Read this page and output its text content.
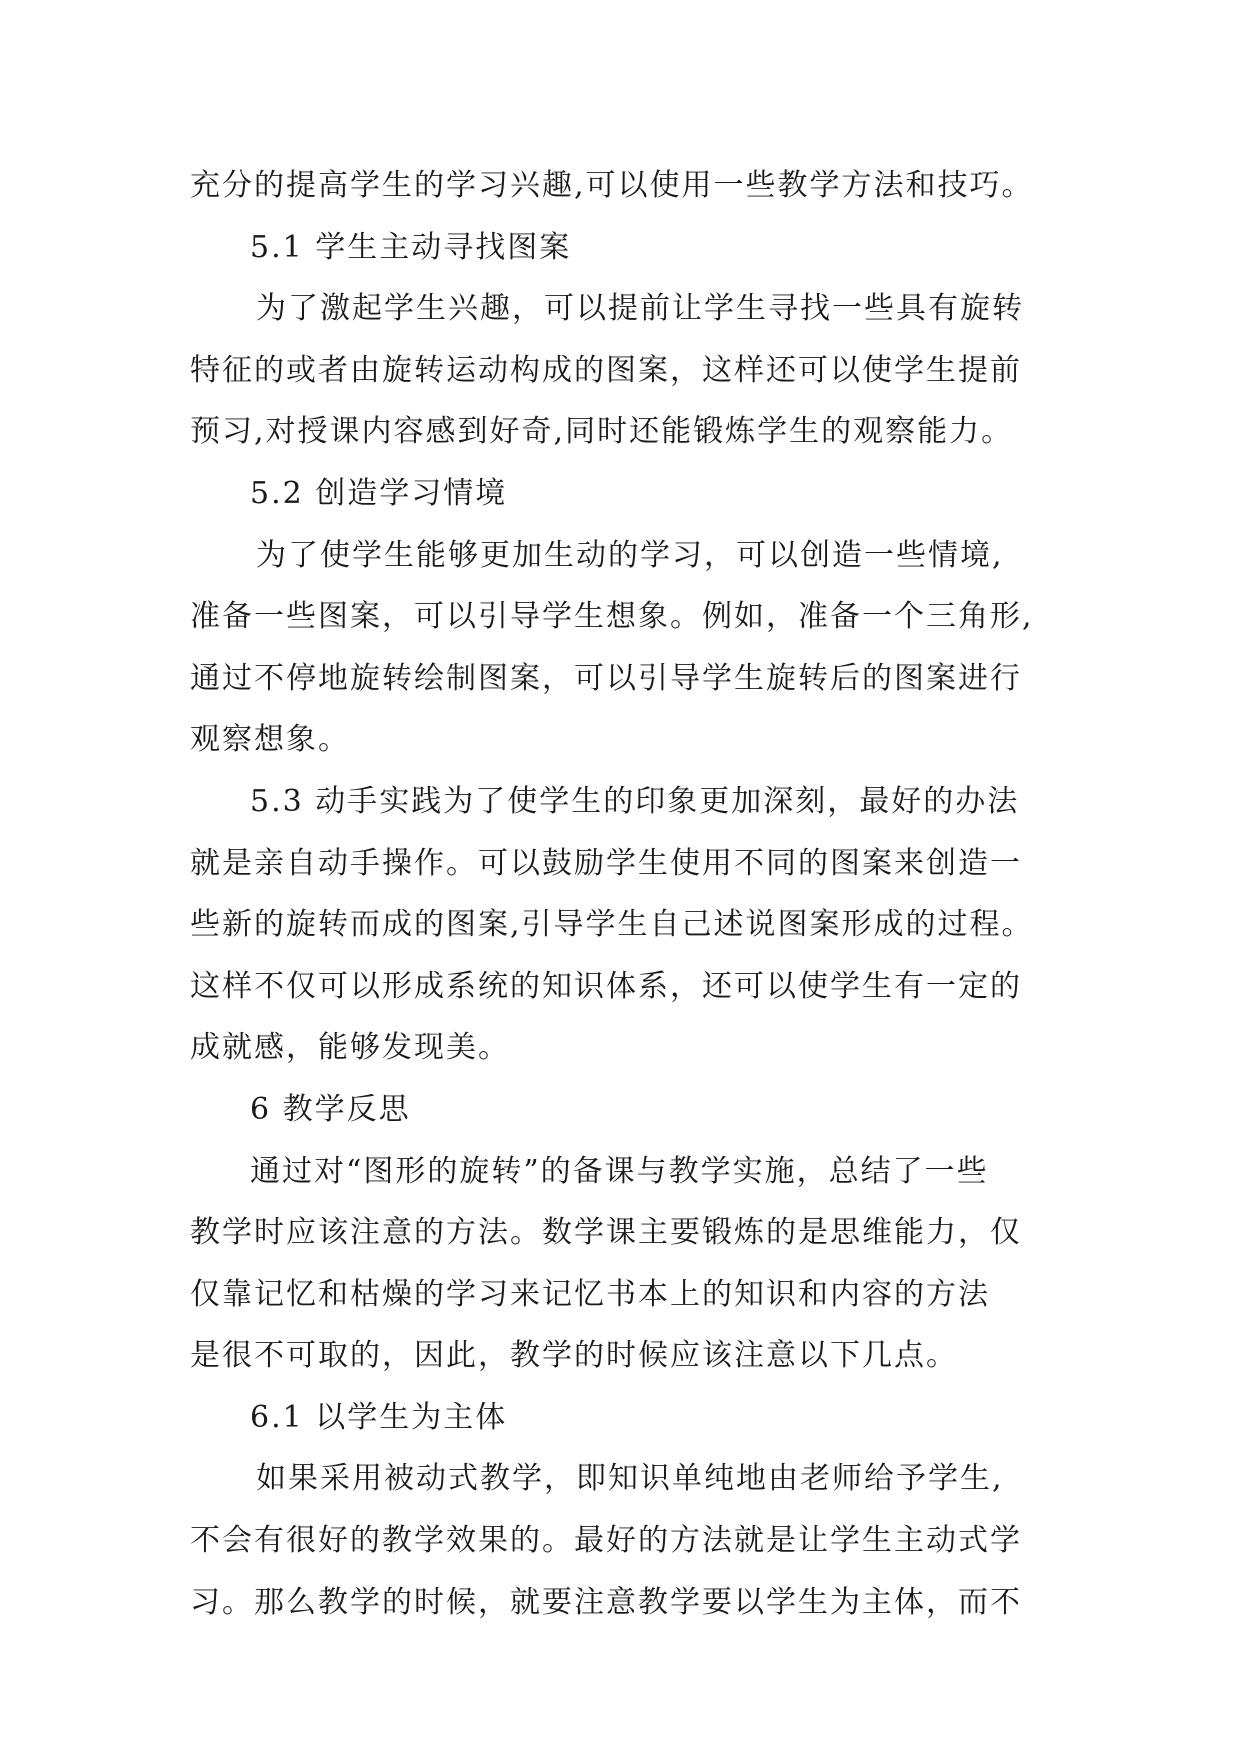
充分的提高学生的学习兴趣,可以使用一些教学方法和技巧。
5.1 学生主动寻找图案
为了激起学生兴趣，可以提前让学生寻找一些具有旋转
特征的或者由旋转运动构成的图案，这样还可以使学生提前
预习,对授课内容感到好奇,同时还能锻炼学生的观察能力。
5.2 创造学习情境
为了使学生能够更加生动的学习，可以创造一些情境,
准备一些图案，可以引导学生想象。例如，准备一个三角形,
通过不停地旋转绘制图案，可以引导学生旋转后的图案进行
观察想象。
5.3 动手实践为了使学生的印象更加深刻，最好的办法
就是亲自动手操作。可以鼓励学生使用不同的图案来创造一
些新的旋转而成的图案,引导学生自己述说图案形成的过程。
这样不仅可以形成系统的知识体系，还可以使学生有一定的
成就感，能够发现美。
6 教学反思
通过对“图形的旋转”的备课与教学实施，总结了一些
教学时应该注意的方法。数学课主要锻炼的是思维能力，仅
仅靠记忆和枯燥的学习来记忆书本上的知识和内容的方法
是很不可取的，因此，教学的时候应该注意以下几点。
6.1 以学生为主体
如果采用被动式教学，即知识单纯地由老师给予学生,
不会有很好的教学效果的。最好的方法就是让学生主动式学
习。那么教学的时候，就要注意教学要以学生为主体，而不
